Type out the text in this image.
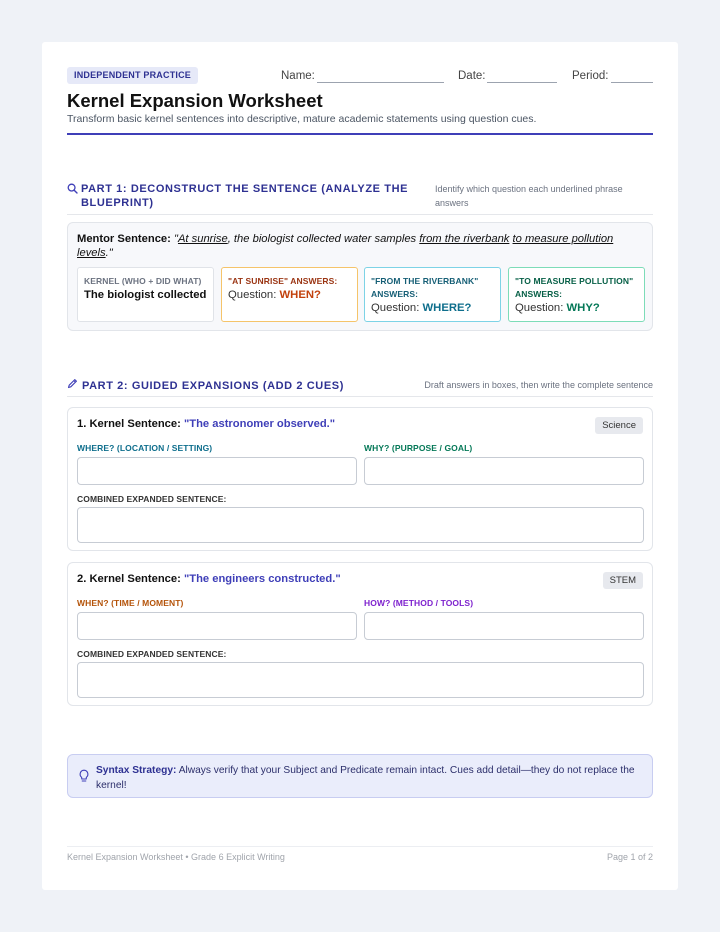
INDEPENDENT PRACTICE	Name:	Date:	Period:
Kernel Expansion Worksheet
Transform basic kernel sentences into descriptive, mature academic statements using question cues.
PART 1: DECONSTRUCT THE SENTENCE (ANALYZE THE BLUEPRINT)
Identify which question each underlined phrase answers
Mentor Sentence: "At sunrise, the biologist collected water samples from the riverbank to measure pollution levels."
KERNEL (WHO + DID WHAT)
The biologist collected
"AT SUNRISE" ANSWERS:
Question: WHEN?
"FROM THE RIVERBANK" ANSWERS:
Question: WHERE?
"TO MEASURE POLLUTION" ANSWERS:
Question: WHY?
PART 2: GUIDED EXPANSIONS (ADD 2 CUES)	Draft answers in boxes, then write the complete sentence
1. Kernel Sentence: "The astronomer observed."	Science
WHERE? (LOCATION / SETTING)	WHY? (PURPOSE / GOAL)
COMBINED EXPANDED SENTENCE:
2. Kernel Sentence: "The engineers constructed."	STEM
WHEN? (TIME / MOMENT)	HOW? (METHOD / TOOLS)
COMBINED EXPANDED SENTENCE:
Syntax Strategy: Always verify that your Subject and Predicate remain intact. Cues add detail—they do not replace the kernel!
Kernel Expansion Worksheet • Grade 6 Explicit Writing	Page 1 of 2
